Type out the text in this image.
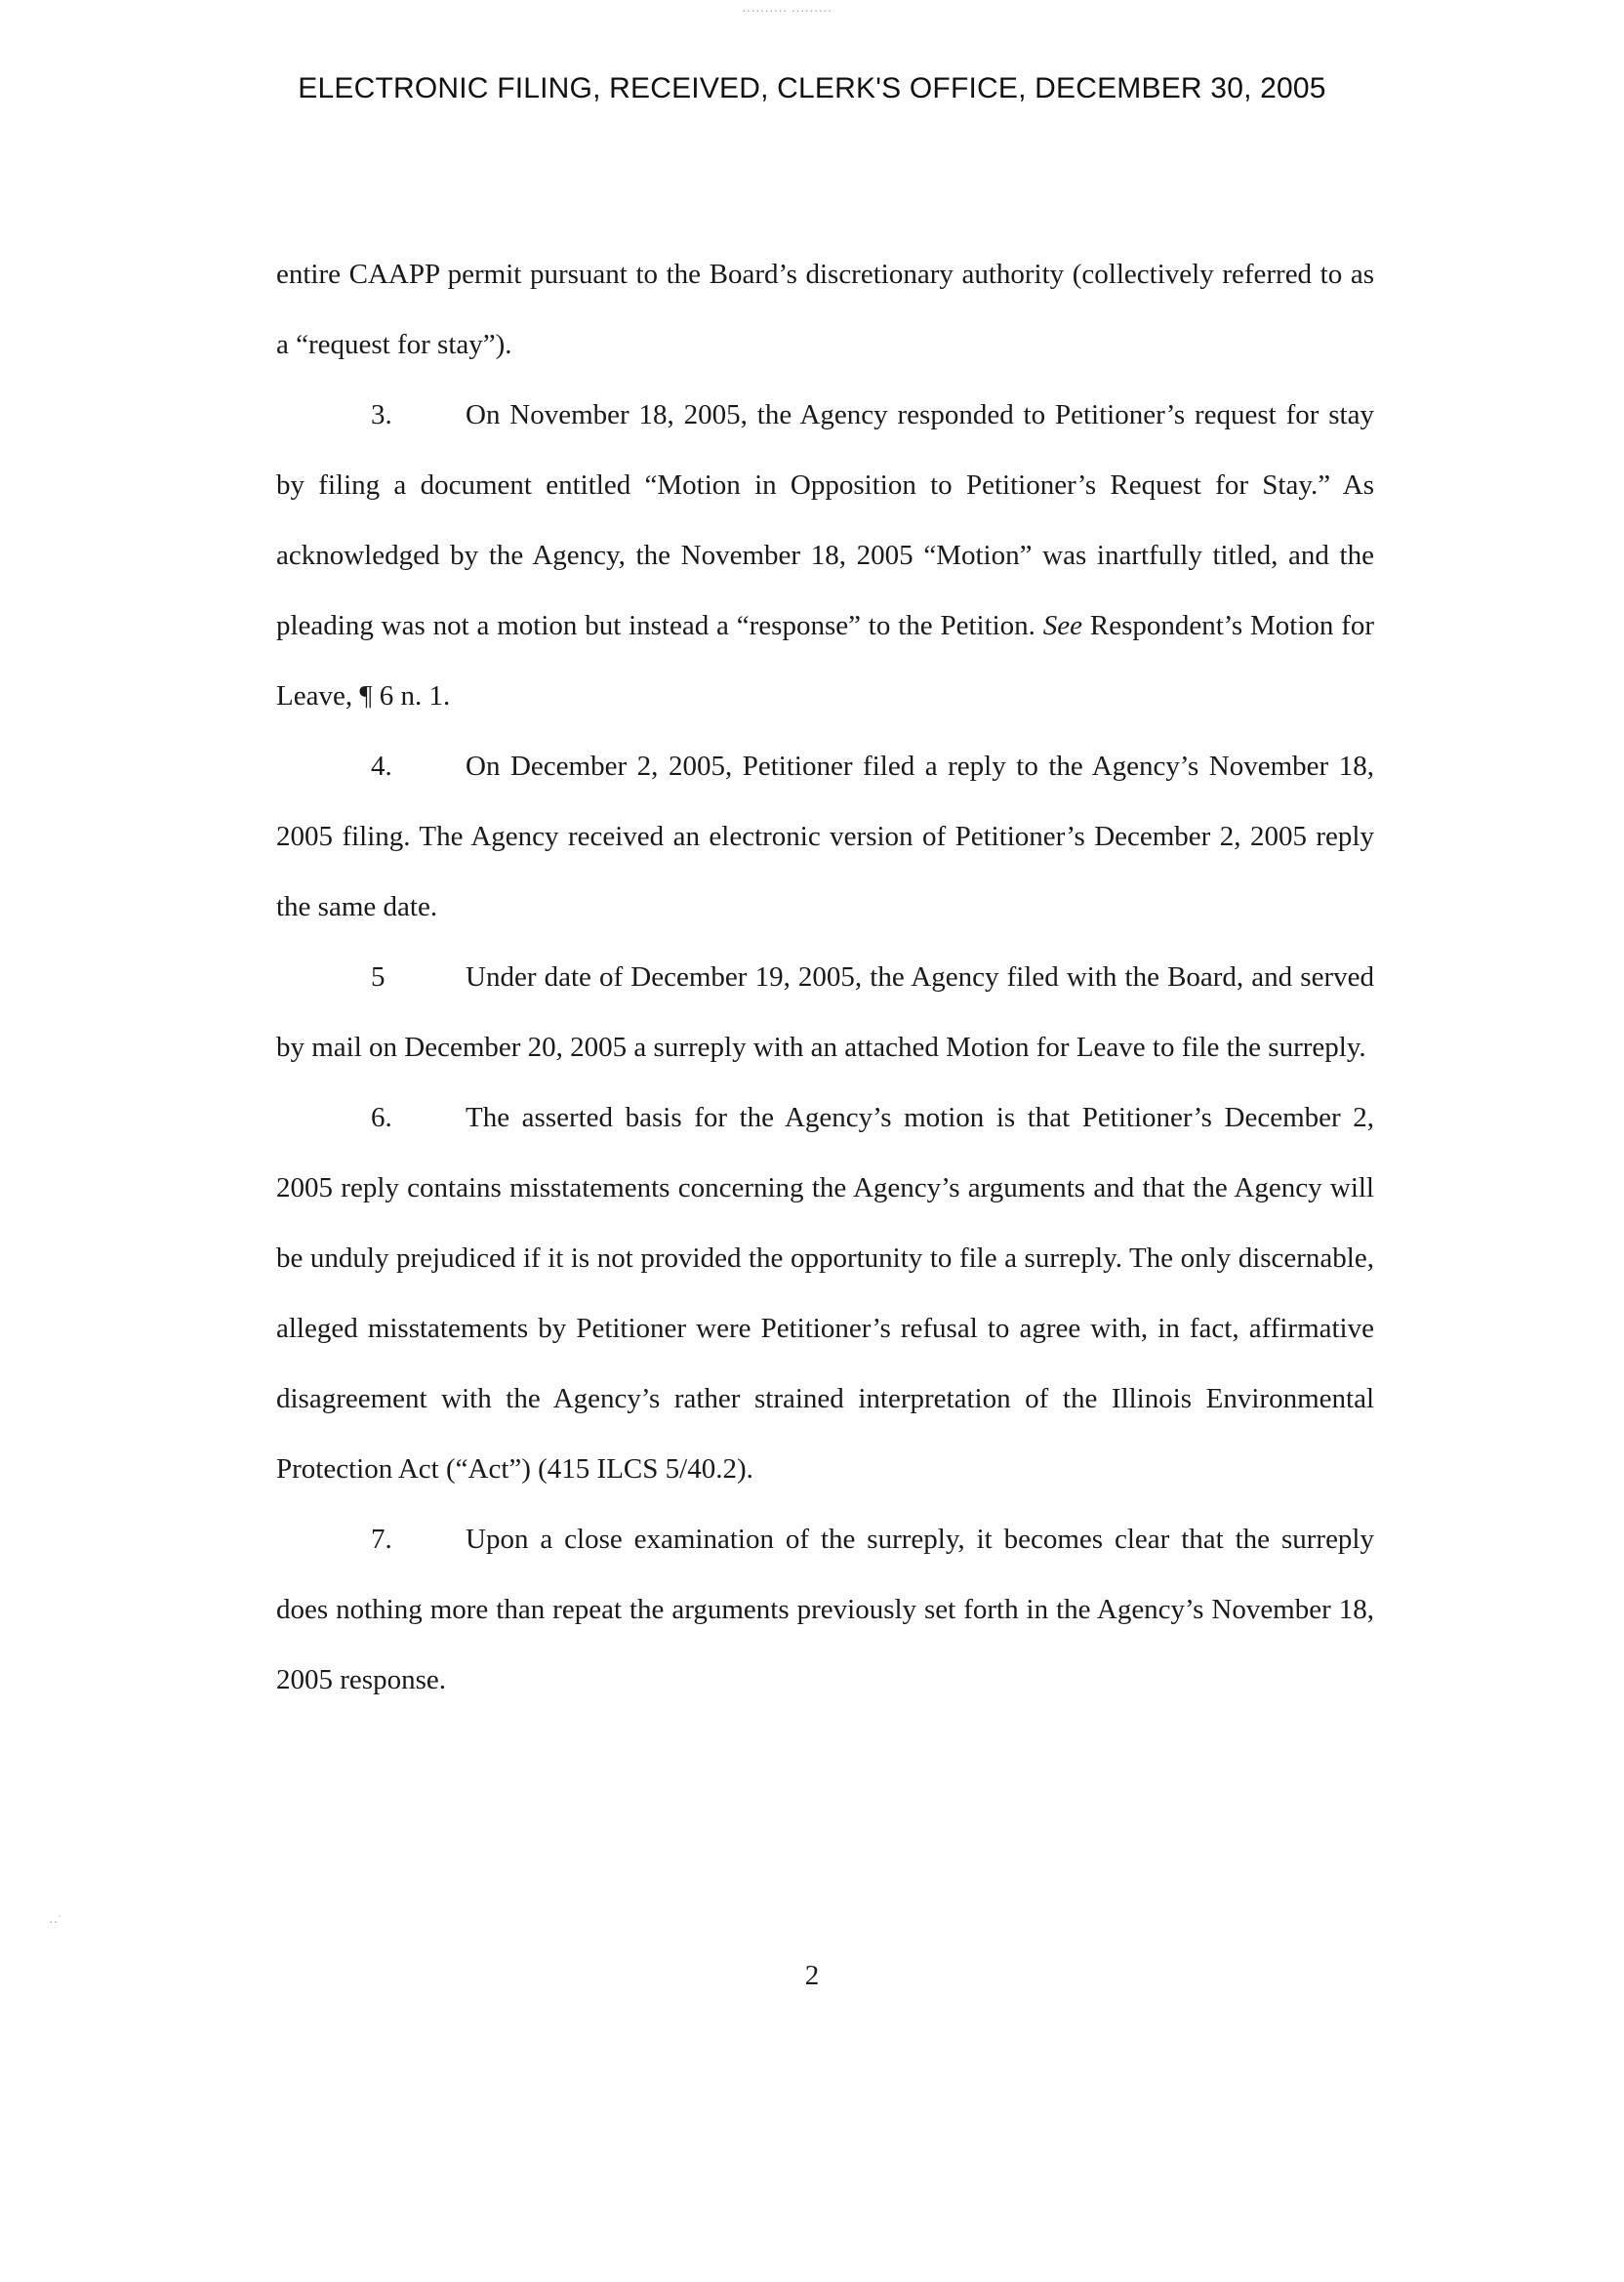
ELECTRONIC FILING, RECEIVED, CLERK'S OFFICE, DECEMBER 30, 2005
·········· ·········
··˙

entire CAAPP permit pursuant to the Board’s discretionary authority (collectively referred to as a “request for stay”).

3.	On November 18, 2005, the Agency responded to Petitioner’s request for stay by filing a document entitled “Motion in Opposition to Petitioner’s Request for Stay.” As acknowledged by the Agency, the November 18, 2005 “Motion” was inartfully titled, and the pleading was not a motion but instead a “response” to the Petition. See Respondent’s Motion for Leave, ¶ 6 n. 1.

4.	On December 2, 2005, Petitioner filed a reply to the Agency’s November 18, 2005 filing. The Agency received an electronic version of Petitioner’s December 2, 2005 reply the same date.

5	Under date of December 19, 2005, the Agency filed with the Board, and served by mail on December 20, 2005 a surreply with an attached Motion for Leave to file the surreply.

6.	The asserted basis for the Agency’s motion is that Petitioner’s December 2, 2005 reply contains misstatements concerning the Agency’s arguments and that the Agency will be unduly prejudiced if it is not provided the opportunity to file a surreply. The only discernable, alleged misstatements by Petitioner were Petitioner’s refusal to agree with, in fact, affirmative disagreement with the Agency’s rather strained interpretation of the Illinois Environmental Protection Act (“Act”) (415 ILCS 5/40.2).

7.	Upon a close examination of the surreply, it becomes clear that the surreply does nothing more than repeat the arguments previously set forth in the Agency’s November 18, 2005 response.

2
